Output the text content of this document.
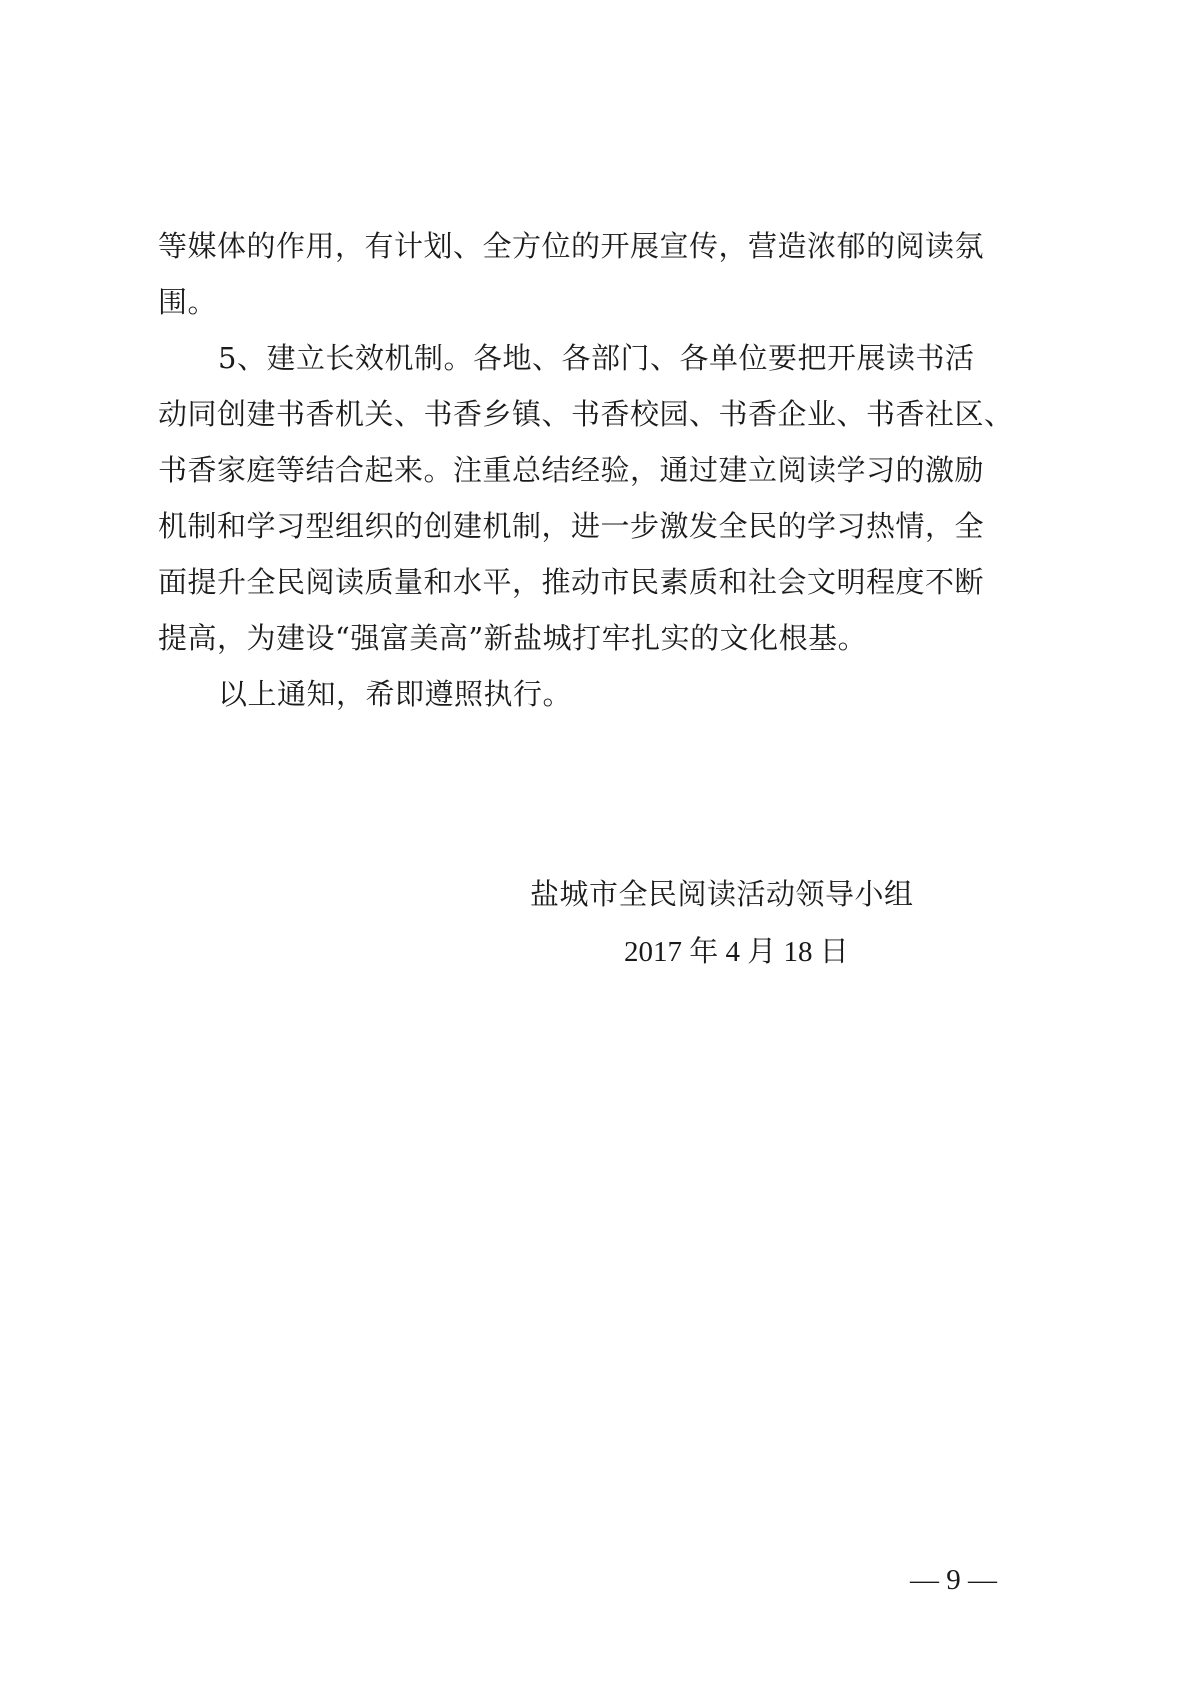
等媒体的作用，有计划、全方位的开展宣传，营造浓郁的阅读氛
围。
5、建立长效机制。各地、各部门、各单位要把开展读书活
动同创建书香机关、书香乡镇、书香校园、书香企业、书香社区、
书香家庭等结合起来。注重总结经验，通过建立阅读学习的激励
机制和学习型组织的创建机制，进一步激发全民的学习热情，全
面提升全民阅读质量和水平，推动市民素质和社会文明程度不断
提高，为建设“强富美高”新盐城打牢扎实的文化根基。
以上通知，希即遵照执行。
盐城市全民阅读活动领导小组
2017 年 4 月 18 日
— 9 —
